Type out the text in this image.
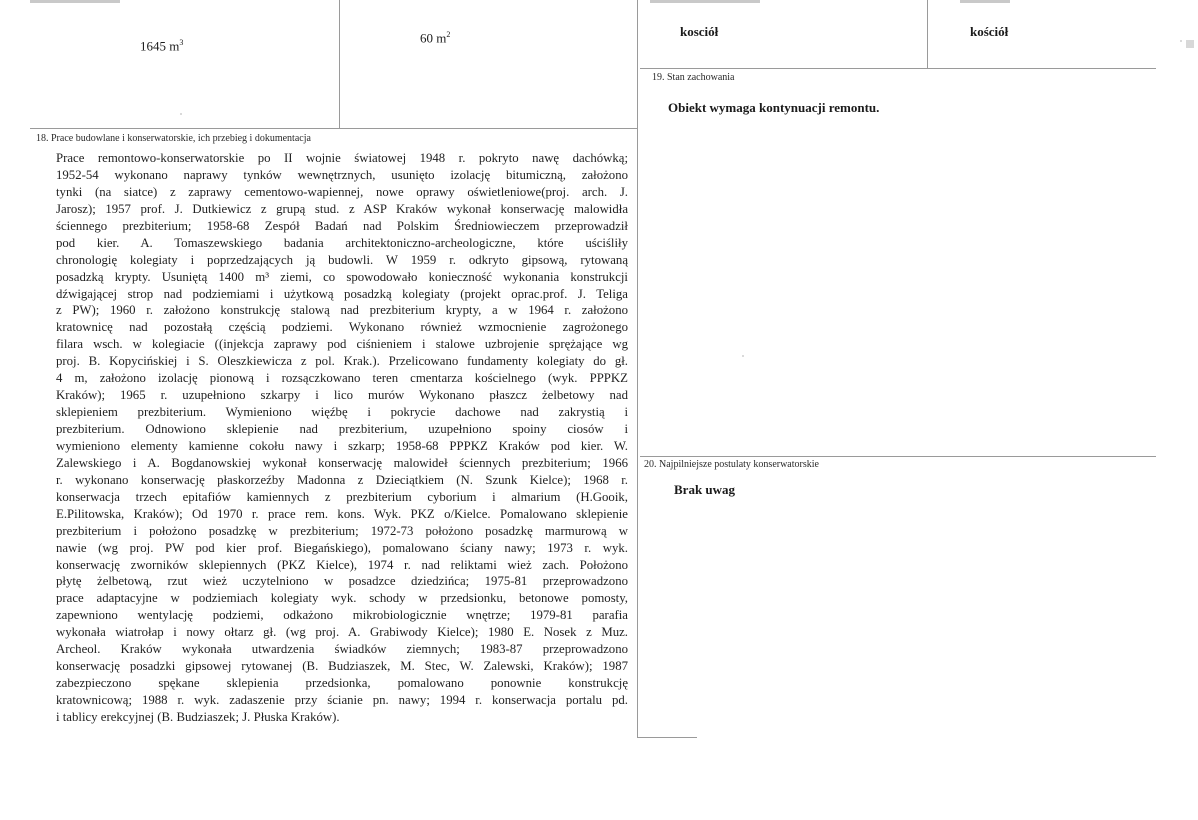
1645 $m^3$	60 $m^2$	kosciół	kościół
19. Stan zachowania
Obiekt wymaga kontynuacji remontu.
18. Prace budowlane i konserwatorskie, ich przebieg i dokumentacja
Prace remontowo-konserwatorskie po II wojnie światowej 1948 r. pokryto nawę dachówką;
1952-54 wykonano naprawy tynków wewnętrznych, usunięto izolację bitumiczną, założono
tynki (na siatce) z zaprawy cementowo-wapiennej, nowe oprawy oświetleniowe(proj. arch. J.
Jarosz); 1957 prof. J. Dutkiewicz z grupą stud. z ASP Kraków wykonał konserwację malowidła
ściennego prezbiterium; 1958-68 Zespół Badań nad Polskim Średniowieczem przeprowadził
pod kier. A. Tomaszewskiego badania architektoniczno-archeologiczne, które uściśliły
chronologię kolegiaty i poprzedzających ją budowli. W 1959 r. odkryto gipsową, rytowaną
posadzką krypty. Usuniętą 1400 m³ ziemi, co spowodowało konieczność wykonania konstrukcji
dźwigającej strop nad podziemiami i użytkową posadzką kolegiaty (projekt oprac.prof. J. Teliga
z PW); 1960 r. założono konstrukcję stalową nad prezbiterium krypty, a w 1964 r. założono
kratownicę nad pozostałą częścią podziemi. Wykonano również wzmocnienie zagrożonego
filara wsch. w kolegiacie ((injekcja zaprawy pod ciśnieniem i stalowe uzbrojenie sprężające wg
proj. B. Kopycińskiej i S. Oleszkiewicza z pol. Krak.). Przelicowano fundamenty kolegiaty do gł.
4 m, założono izolację pionową i rozsączkowano teren cmentarza kościelnego (wyk. PPPKZ
Kraków); 1965 r. uzupełniono szkarpy i lico murów Wykonano płaszcz żelbetowy nad
sklepieniem prezbiterium. Wymieniono więźbę i pokrycie dachowe nad zakrystią i
prezbiterium. Odnowiono sklepienie nad prezbiterium, uzupełniono spoiny ciosów i
wymieniono elementy kamienne cokołu nawy i szkarp; 1958-68 PPPKZ Kraków pod kier. W.
Zalewskiego i A. Bogdanowskiej wykonał konserwację malowideł ściennych prezbiterium; 1966
r. wykonano konserwację płaskorzeźby Madonna z Dzieciątkiem (N. Szunk Kielce); 1968 r.
konserwacja trzech epitafiów kamiennych z prezbiterium cyborium i almarium (H.Gooik,
E.Pilitowska, Kraków); Od 1970 r. prace rem. kons. Wyk. PKZ o/Kielce. Pomalowano sklepienie
prezbiterium i położono posadzkę w prezbiterium; 1972-73 położono posadzkę marmurową w
nawie (wg proj. PW pod kier prof. Biegańskiego), pomalowano ściany nawy; 1973 r. wyk.
konserwację zworników sklepiennych (PKZ Kielce), 1974 r. nad reliktami wież zach. Położono
płytę żelbetową, rzut wież uczytelniono w posadzce dziedzińca; 1975-81 przeprowadzono
prace adaptacyjne w podziemiach kolegiaty wyk. schody w przedsionku, betonowe pomosty,
zapewniono wentylację podziemi, odkażono mikrobiologicznie wnętrze; 1979-81 parafia
wykonała wiatrołap i nowy ołtarz gł. (wg proj. A. Grabiwody Kielce); 1980 E. Nosek z Muz.
Archeol. Kraków wykonała utwardzenia świadków ziemnych; 1983-87 przeprowadzono
konserwację posadzki gipsowej rytowanej (B. Budziaszek, M. Stec, W. Zalewski, Kraków); 1987
zabezpieczono spękane sklepienia przedsionka, pomalowano ponownie konstrukcję
kratownicową; 1988 r. wyk. zadaszenie przy ścianie pn. nawy; 1994 r. konserwacja portalu pd.
i tablicy erekcyjnej (B. Budziaszek; J. Płuska Kraków).
20. Najpilniejsze postulaty konserwatorskie
Brak uwag
